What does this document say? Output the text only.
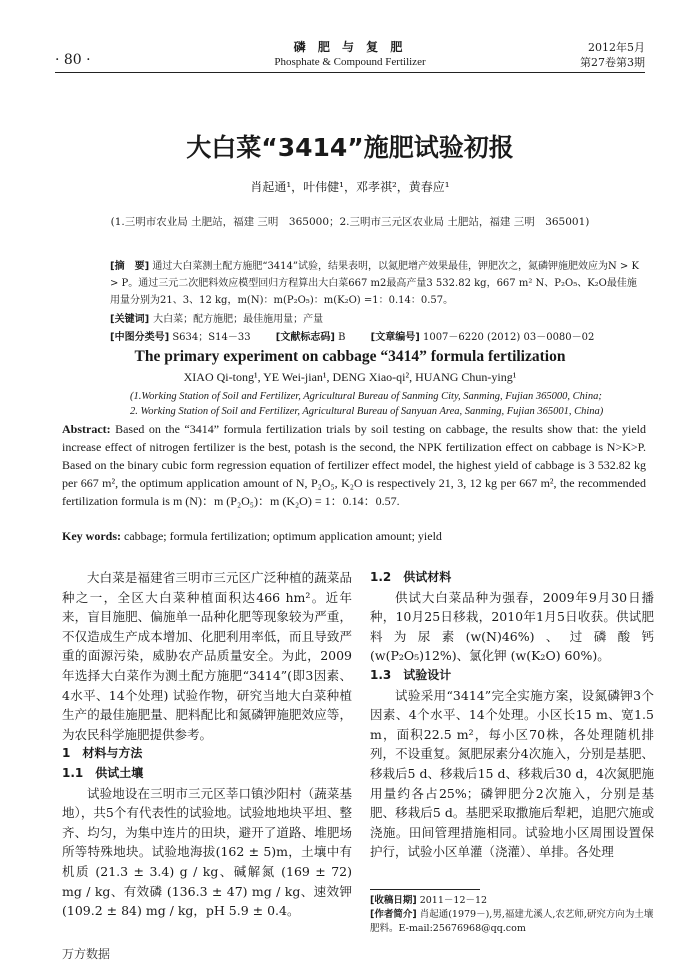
· 80 ·
磷 肥 与 复 肥
Phosphate & Compound Fertilizer
2012年5月
第27卷第3期
大白菜“3414”施肥试验初报
肖起通¹，叶伟健¹，邓孝祺²，黄春应¹
(1.三明市农业局 土肥站，福建 三明　365000；2.三明市三元区农业局 土肥站，福建 三明　365001)
[摘　要] 通过大白菜测土配方施肥“3414”试验，结果表明，以氮肥增产效果最佳，钾肥次之，氮磷钾施肥效应为N > K > P。通过三元二次肥料效应模型回归方程算出大白菜667 m2最高产量3 532.82 kg，667 m² N、P₂O₅、K₂O最佳施用量分别为21、3、12 kg，m(N)：m(P₂O₅)：m(K₂O) =1：0.14：0.57。
[关键词] 大白菜；配方施肥；最佳施用量；产量
[中图分类号] S634；S14－33	[文献标志码] B	[文章编号] 1007－6220 (2012) 03－0080－02
The primary experiment on cabbage “3414” formula fertilization
XIAO Qi-tong¹, YE Wei-jian¹, DENG Xiao-qi², HUANG Chun-ying¹
(1.Working Station of Soil and Fertilizer, Agricultural Bureau of Sanming City, Sanming, Fujian 365000, China;
2. Working Station of Soil and Fertilizer, Agricultural Bureau of Sanyuan Area, Sanming, Fujian 365001, China)
Abstract: Based on the “3414” formula fertilization trials by soil testing on cabbage, the results show that: the yield increase effect of nitrogen fertilizer is the best, potash is the second, the NPK fertilization effect on cabbage is N>K>P. Based on the binary cubic form regression equation of fertilizer effect model, the highest yield of cabbage is 3 532.82 kg per 667 m², the optimum application amount of N, P₂O₅, K₂O is respectively 21, 3, 12 kg per 667 m², the recommended fertilization formula is m (N)：m (P₂O₅)：m (K₂O) = 1：0.14：0.57.
Key words: cabbage; formula fertilization; optimum application amount; yield

大白菜是福建省三明市三元区广泛种植的蔬菜品种之一，全区大白菜种植面积达466 hm²。近年来，盲目施肥、偏施单一品种化肥等现象较为严重，不仅造成生产成本增加、化肥利用率低，而且导致严重的面源污染，威胁农产品质量安全。为此，2009年选择大白菜作为测土配方施肥“3414”(即3因素、4水平、14个处理) 试验作物，研究当地大白菜种植生产的最佳施肥量、肥料配比和氮磷钾施肥效应等，为农民科学施肥提供参考。

1　材料与方法

1.1　供试土壤

试验地设在三明市三元区莘口镇沙阳村（蔬菜基地），共5个有代表性的试验地。试验地地块平坦、整齐、均匀，为集中连片的田块，避开了道路、堆肥场所等特殊地块。试验地海拔(162 ± 5)m，土壤中有机质 (21.3 ± 3.4) g / kg、碱解氮 (169 ± 72) mg / kg、有效磷 (136.3 ± 47) mg / kg、速效钾 (109.2 ± 84) mg / kg，pH 5.9 ± 0.4。

1.2　供试材料

供试大白菜品种为强春，2009年9月30日播种，10月25日移栽，2010年1月5日收获。供试肥料为尿素(w(N)46%)、过磷酸钙 (w(P₂O₅)12%)、氯化钾 (w(K₂O) 60%)。

1.3　试验设计

试验采用“3414”完全实施方案，设氮磷钾3个因素、4个水平、14个处理。小区长15 m、宽1.5 m，面积22.5 m²，每小区70株，各处理随机排列，不设重复。氮肥尿素分4次施入，分别是基肥、移栽后5 d、移栽后15 d、移栽后30 d，4次氮肥施用量约各占25%；磷钾肥分2次施入，分别是基肥、移栽后5 d。基肥采取撒施后犁耙，追肥穴施或浇施。田间管理措施相同。试验地小区周围设置保护行，试验小区单灌（浇灌）、单排。各处理

[收稿日期] 2011－12－12
[作者简介] 肖起通(1979－),男,福建尤溪人,农艺师,研究方向为土壤肥料。E-mail:25676968@qq.com
万方数据
